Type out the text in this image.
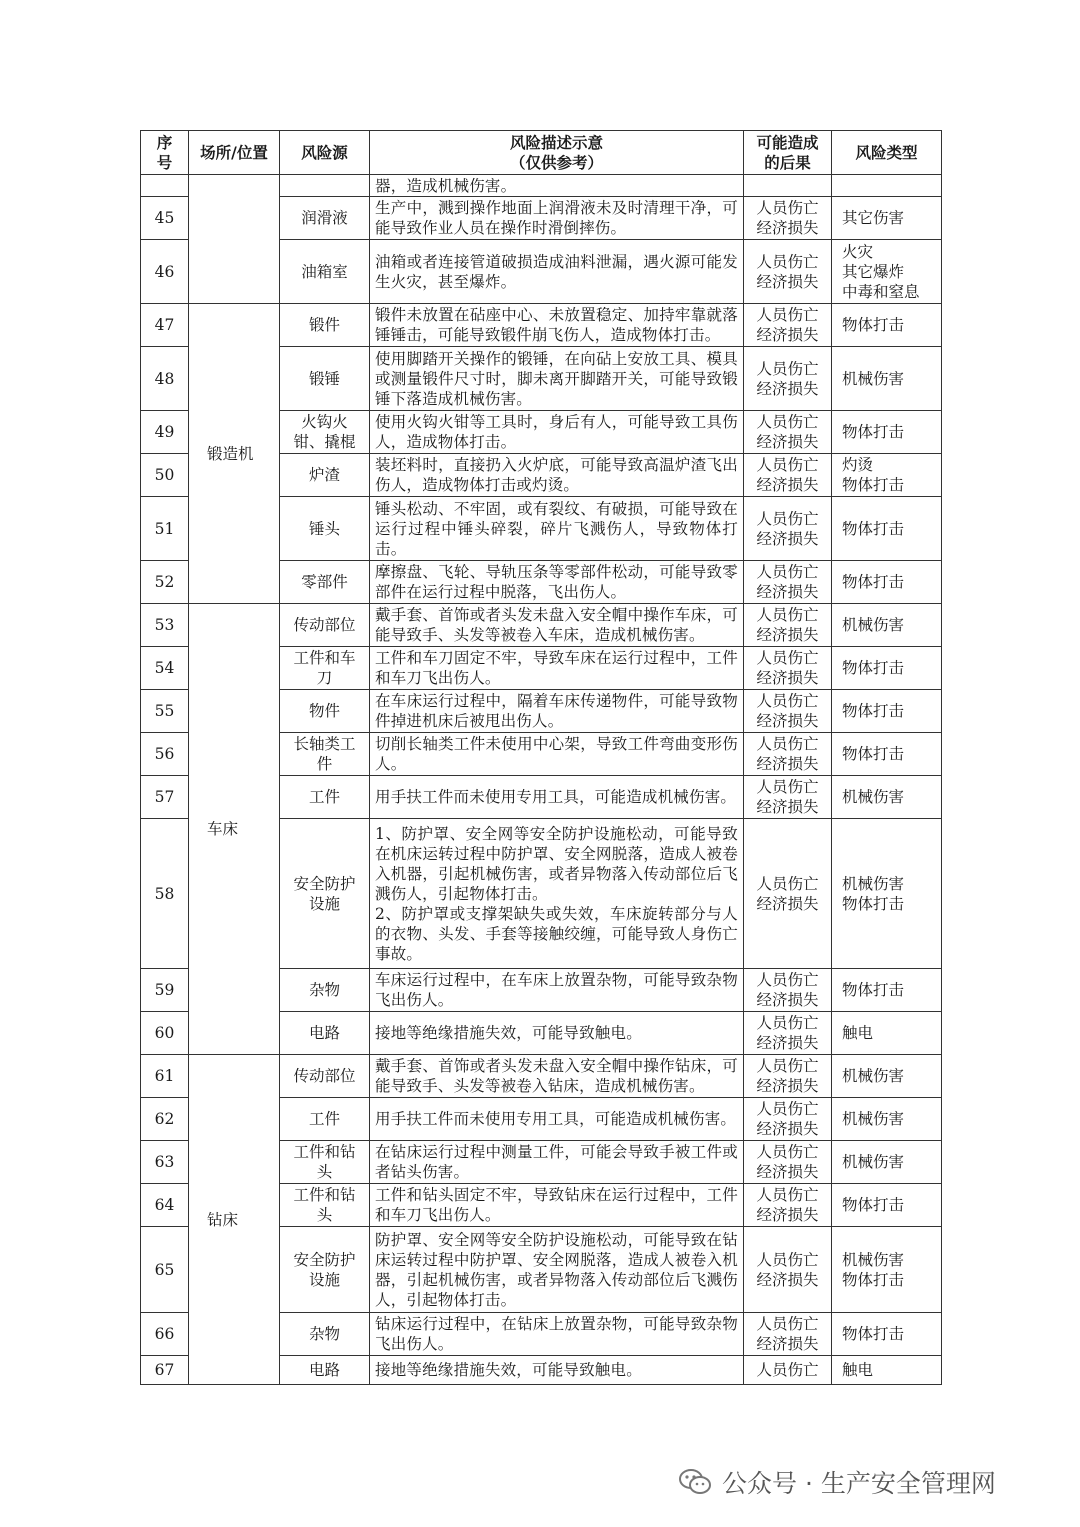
序
号	场所/位置	风险源	风险描述示意
（仅供参考）	可能造成
的后果	风险类型
			器，造成机械伤害。		
45		润滑液	生产中，溅到操作地面上润滑液未及时清理干净，可能导致作业人员在操作时滑倒摔伤。	人员伤亡
经济损失	其它伤害
46		油箱室	油箱或者连接管道破损造成油料泄漏，遇火源可能发生火灾，甚至爆炸。	人员伤亡
经济损失	火灾
其它爆炸
中毒和窒息
47	锻造机	锻件	锻件未放置在砧座中心、未放置稳定、加持牢靠就落锤锤击，可能导致锻件崩飞伤人，造成物体打击。	人员伤亡
经济损失	物体打击
48		锻锤	使用脚踏开关操作的锻锤，在向砧上安放工具、模具或测量锻件尺寸时，脚未离开脚踏开关，可能导致锻锤下落造成机械伤害。	人员伤亡
经济损失	机械伤害
49		火钩火
钳、撬棍	使用火钩火钳等工具时，身后有人，可能导致工具伤人，造成物体打击。	人员伤亡
经济损失	物体打击
50		炉渣	装坯料时，直接扔入火炉底，可能导致高温炉渣飞出伤人，造成物体打击或灼烫。	人员伤亡
经济损失	灼烫
物体打击
51		锤头	锤头松动、不牢固，或有裂纹、有破损，可能导致在运行过程中锤头碎裂，碎片飞溅伤人，导致物体打击。	人员伤亡
经济损失	物体打击
52		零部件	摩擦盘、飞轮、导轨压条等零部件松动，可能导致零部件在运行过程中脱落，飞出伤人。	人员伤亡
经济损失	物体打击
53	车床	传动部位	戴手套、首饰或者头发未盘入安全帽中操作车床，可能导致手、头发等被卷入车床，造成机械伤害。	人员伤亡
经济损失	机械伤害
54		工件和车
刀	工件和车刀固定不牢，导致车床在运行过程中，工件和车刀飞出伤人。	人员伤亡
经济损失	物体打击
55		物件	在车床运行过程中，隔着车床传递物件，可能导致物件掉进机床后被甩出伤人。	人员伤亡
经济损失	物体打击
56		长轴类工
件	切削长轴类工件未使用中心架，导致工件弯曲变形伤人。	人员伤亡
经济损失	物体打击
57		工件	用手扶工件而未使用专用工具，可能造成机械伤害。	人员伤亡
经济损失	机械伤害
58		安全防护
设施	1、防护罩、安全网等安全防护设施松动，可能导致在机床运转过程中防护罩、安全网脱落，造成人被卷入机器，引起机械伤害，或者异物落入传动部位后飞溅伤人，引起物体打击。
2、防护罩或支撑架缺失或失效，车床旋转部分与人的衣物、头发、手套等接触绞缠，可能导致人身伤亡事故。	人员伤亡
经济损失	机械伤害
物体打击
59		杂物	车床运行过程中，在车床上放置杂物，可能导致杂物飞出伤人。	人员伤亡
经济损失	物体打击
60		电路	接地等绝缘措施失效，可能导致触电。	人员伤亡
经济损失	触电
61	钻床	传动部位	戴手套、首饰或者头发未盘入安全帽中操作钻床，可能导致手、头发等被卷入钻床，造成机械伤害。	人员伤亡
经济损失	机械伤害
62		工件	用手扶工件而未使用专用工具，可能造成机械伤害。	人员伤亡
经济损失	机械伤害
63		工件和钻
头	在钻床运行过程中测量工件，可能会导致手被工件或者钻头伤害。	人员伤亡
经济损失	机械伤害
64		工件和钻
头	工件和钻头固定不牢，导致钻床在运行过程中，工件和车刀飞出伤人。	人员伤亡
经济损失	物体打击
65		安全防护
设施	防护罩、安全网等安全防护设施松动，可能导致在钻床运转过程中防护罩、安全网脱落，造成人被卷入机器，引起机械伤害，或者异物落入传动部位后飞溅伤人，引起物体打击。	人员伤亡
经济损失	机械伤害
物体打击
66		杂物	钻床运行过程中，在钻床上放置杂物，可能导致杂物飞出伤人。	人员伤亡
经济损失	物体打击
67		电路	接地等绝缘措施失效，可能导致触电。	人员伤亡	触电
公众号 · 生产安全管理网
